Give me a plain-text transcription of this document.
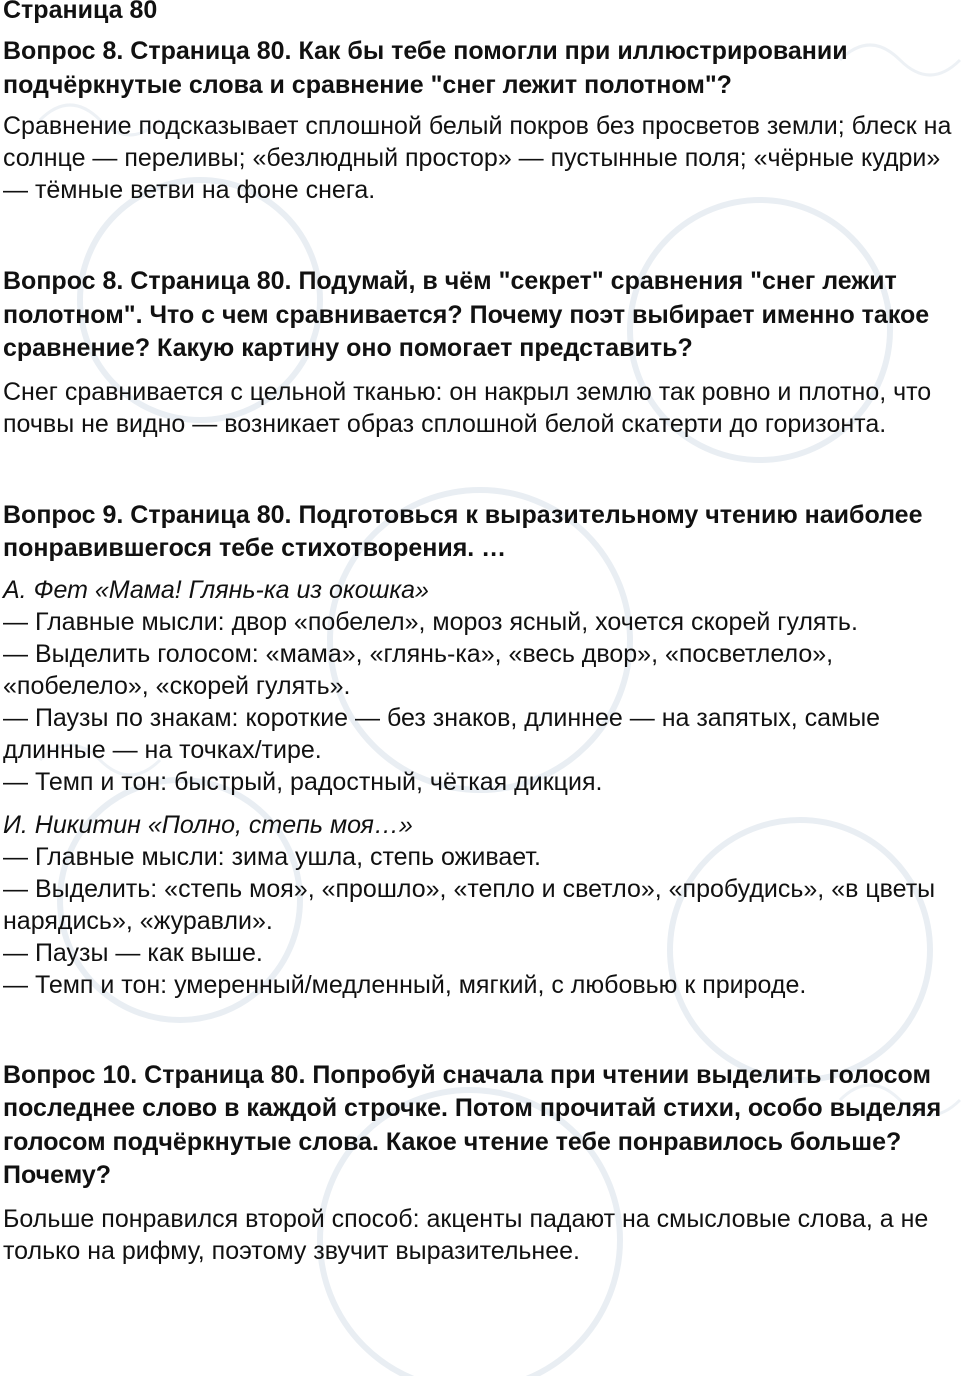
Страница 80

Вопрос 8. Страница 80. Как бы тебе помогли при иллюстрировании подчёркнутые слова и сравнение "снег лежит полотном"?

Сравнение подсказывает сплошной белый покров без просветов земли; блеск на солнце — переливы; «безлюдный простор» — пустынные поля; «чёрные кудри» — тёмные ветви на фоне снега.

Вопрос 8. Страница 80. Подумай, в чём "секрет" сравнения "снег лежит полотном". Что с чем сравнивается? Почему поэт выбирает именно такое сравнение? Какую картину оно помогает представить?

Снег сравнивается с цельной тканью: он накрыл землю так ровно и плотно, что почвы не видно — возникает образ сплошной белой скатерти до горизонта.

Вопрос 9. Страница 80. Подготовься к выразительному чтению наиболее понравившегося тебе стихотворения. …

А. Фет «Мама! Глянь-ка из окошка»

— Главные мысли: двор «побелел», мороз ясный, хочется скорей гулять.

— Выделить голосом: «мама», «глянь-ка», «весь двор», «посветлело», «побелело», «скорей гулять».

— Паузы по знакам: короткие — без знаков, длиннее — на запятых, самые длинные — на точках/тире.

— Темп и тон: быстрый, радостный, чёткая дикция.

И. Никитин «Полно, степь моя…»

— Главные мысли: зима ушла, степь оживает.

— Выделить: «степь моя», «прошло», «тепло и светло», «пробудись», «в цветы нарядись», «журавли».

— Паузы — как выше.

— Темп и тон: умеренный/медленный, мягкий, с любовью к природе.

Вопрос 10. Страница 80. Попробуй сначала при чтении выделить голосом последнее слово в каждой строчке. Потом прочитай стихи, особо выделяя голосом подчёркнутые слова. Какое чтение тебе понравилось больше? Почему?

Больше понравился второй способ: акценты падают на смысловые слова, а не только на рифму, поэтому звучит выразительнее.
